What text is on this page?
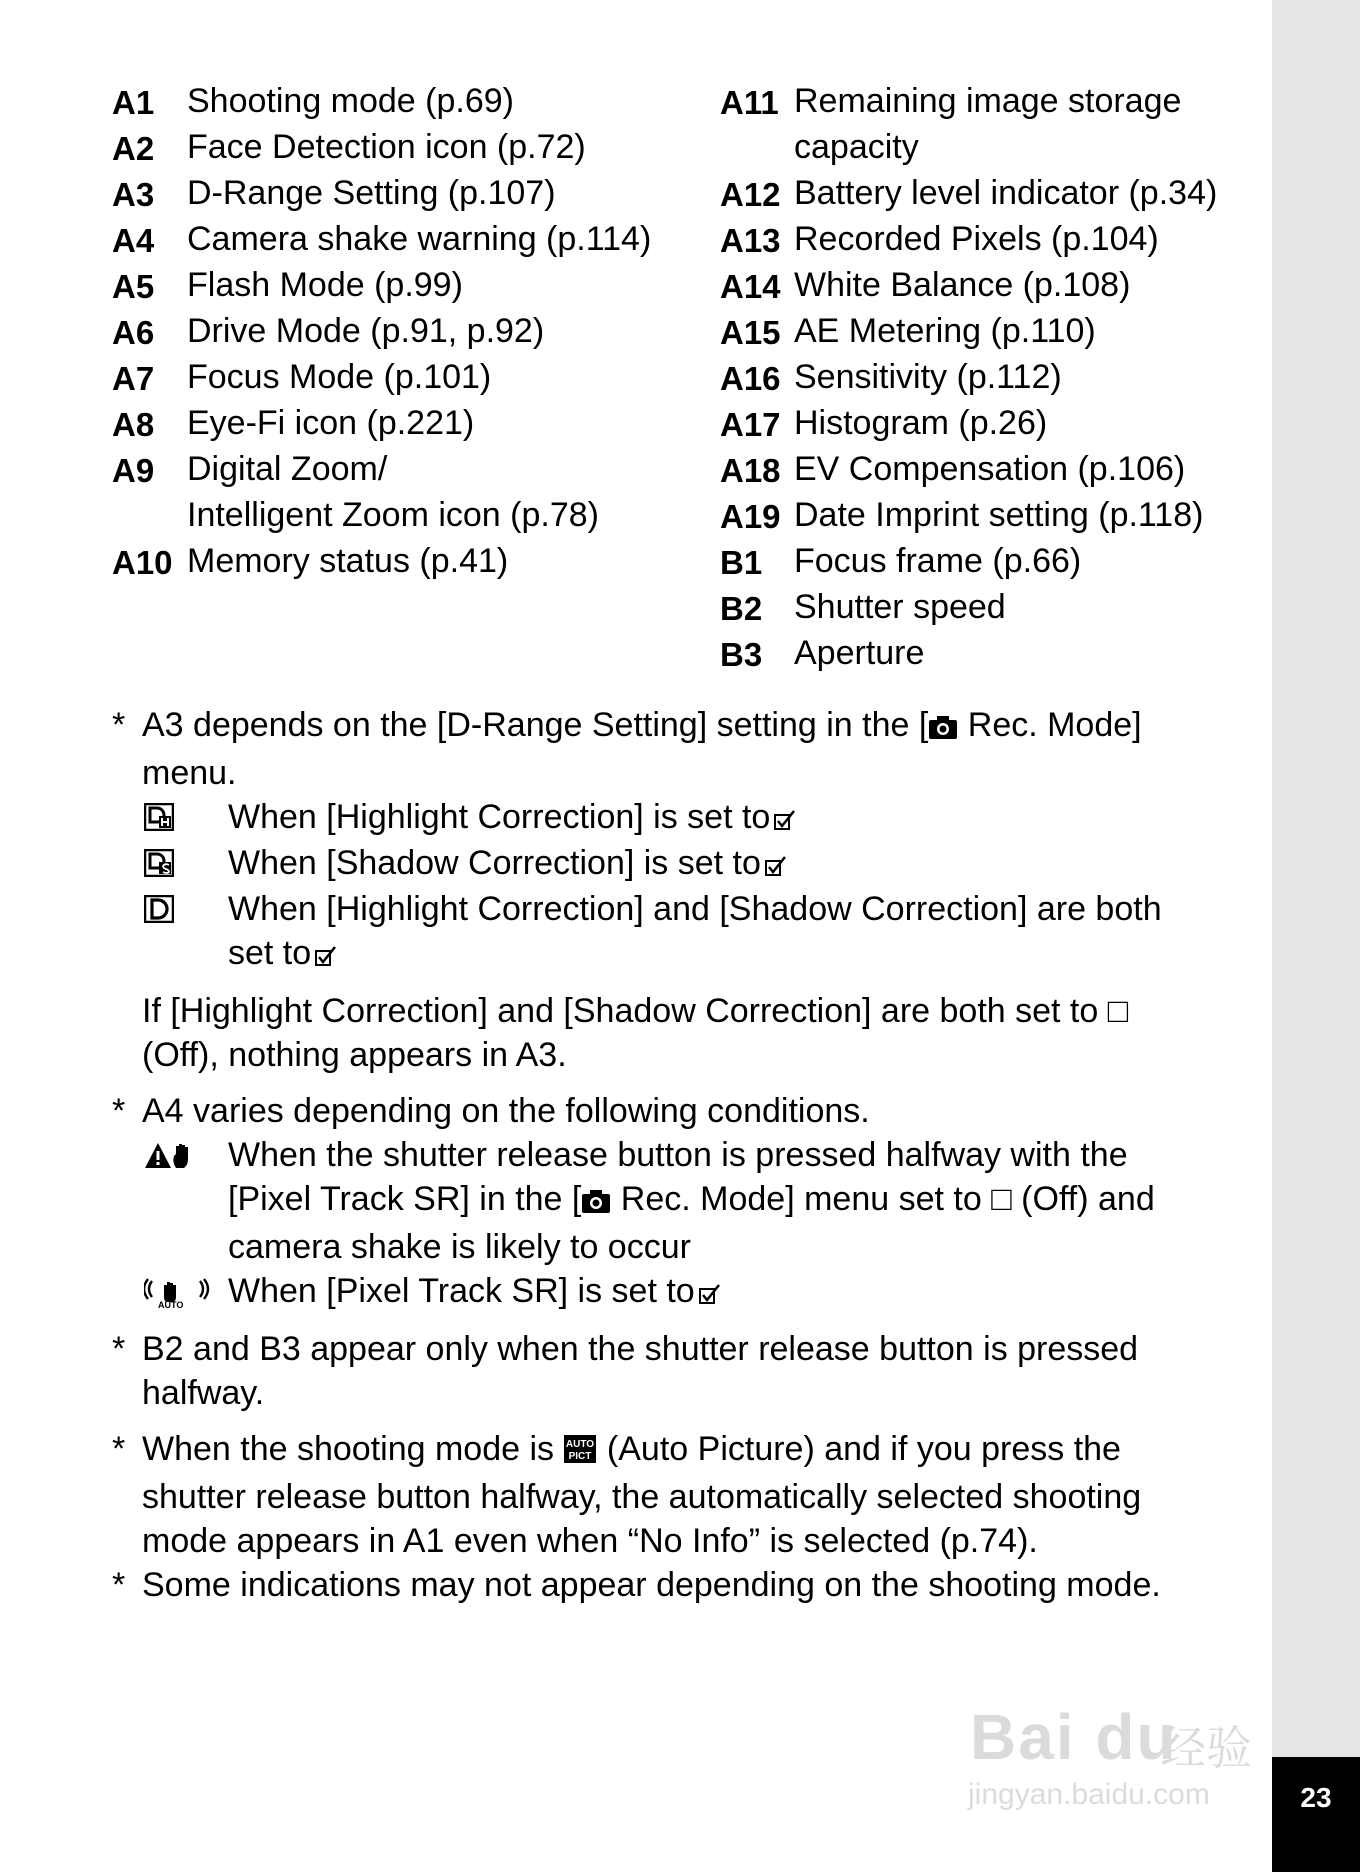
A1 Shooting mode (p.69)
A2 Face Detection icon (p.72)
A3 D-Range Setting (p.107)
A4 Camera shake warning (p.114)
A5 Flash Mode (p.99)
A6 Drive Mode (p.91, p.92)
A7 Focus Mode (p.101)
A8 Eye-Fi icon (p.221)
A9 Digital Zoom/
Intelligent Zoom icon (p.78)
A10 Memory status (p.41)
A11 Remaining image storage
capacity
A12 Battery level indicator (p.34)
A13 Recorded Pixels (p.104)
A14 White Balance (p.108)
A15 AE Metering (p.110)
A16 Sensitivity (p.112)
A17 Histogram (p.26)
A18 EV Compensation (p.106)
A19 Date Imprint setting (p.118)
B1 Focus frame (p.66)
B2 Shutter speed
B3 Aperture
* A3 depends on the [D-Range Setting] setting in the [ Rec. Mode]
menu.
When [Highlight Correction] is set to
When [Shadow Correction] is set to
When [Highlight Correction] and [Shadow Correction] are both
set to
If [Highlight Correction] and [Shadow Correction] are both set to □
(Off), nothing appears in A3.
* A4 varies depending on the following conditions.
When the shutter release button is pressed halfway with the
[Pixel Track SR] in the [ Rec. Mode] menu set to □ (Off) and
camera shake is likely to occur
AUTO When [Pixel Track SR] is set to
* B2 and B3 appear only when the shutter release button is pressed
halfway.
* When the shooting mode is AUTO
PICT (Auto Picture) and if you press the
shutter release button halfway, the automatically selected shooting
mode appears in A1 even when “No Info” is selected (p.74).
* Some indications may not appear depending on the shooting mode.
Bai du
经验
jingyan.baidu.com	23
